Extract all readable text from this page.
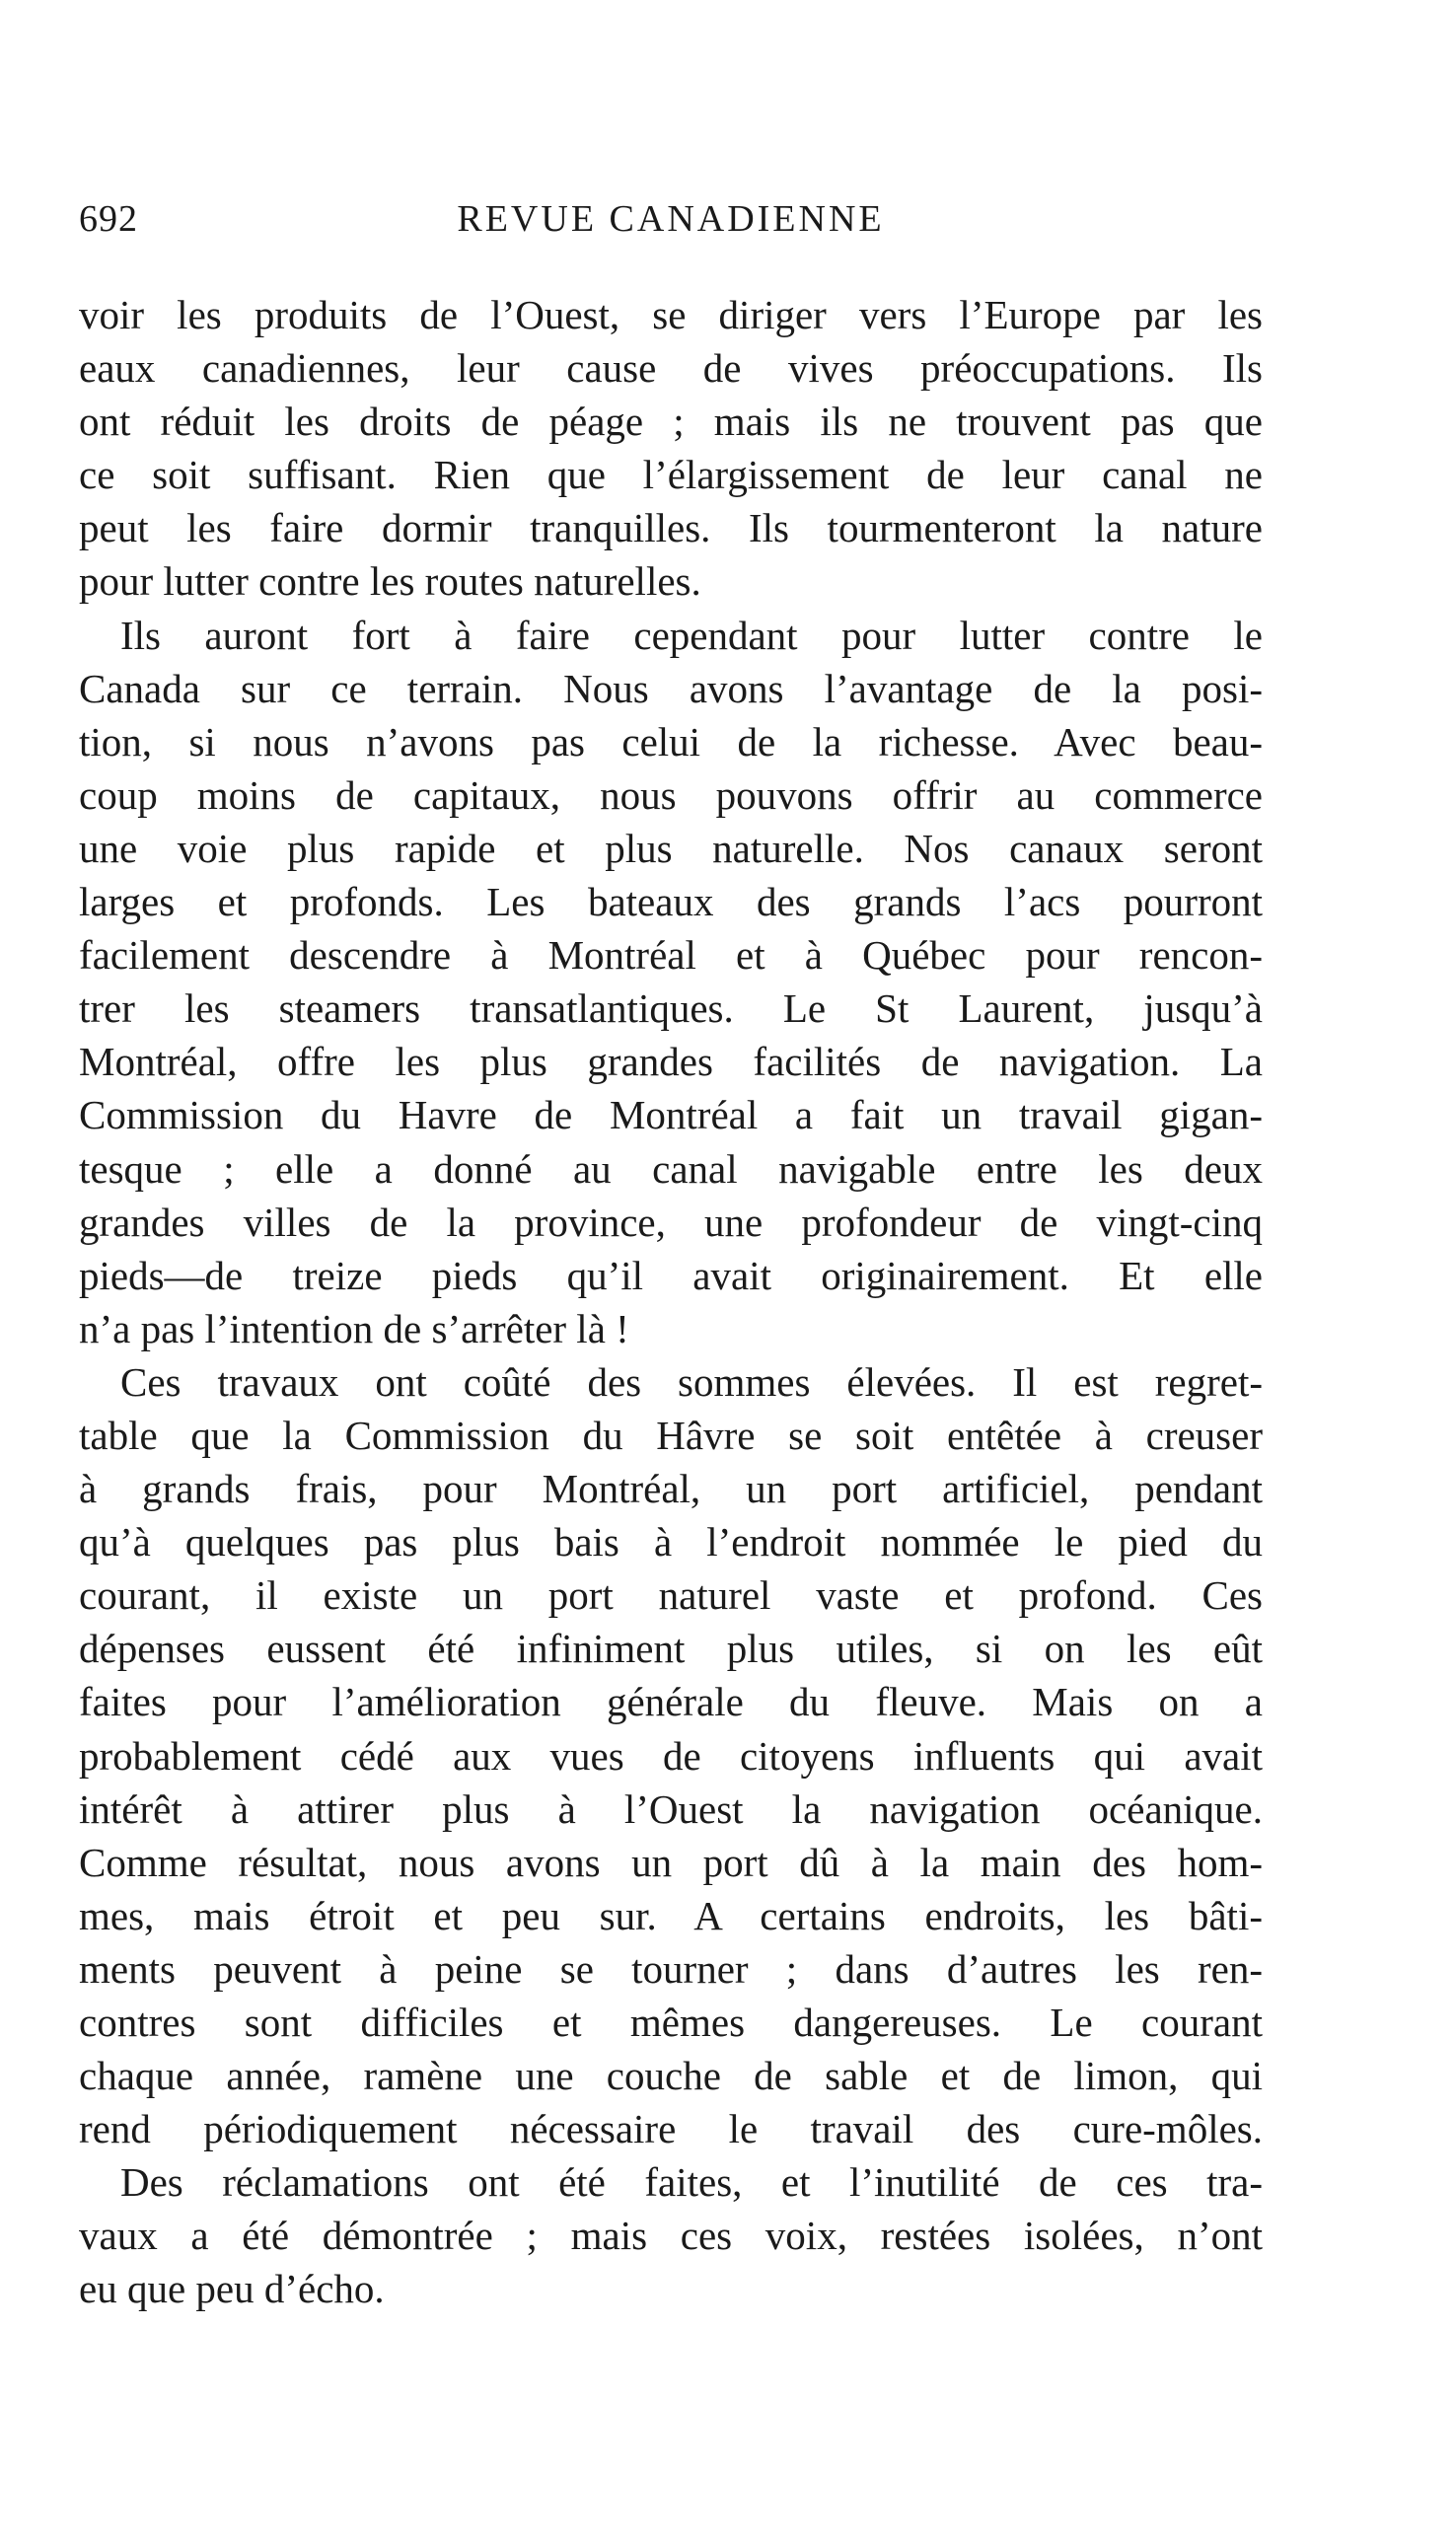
692	REVUE CANADIENNE
voir les produits de l’Ouest, se diriger vers l’Europe par les
eaux canadiennes, leur cause de vives préoccupations. Ils
ont réduit les droits de péage ; mais ils ne trouvent pas que
ce soit suffisant. Rien que l’élargissement de leur canal ne
peut les faire dormir tranquilles. Ils tourmenteront la nature
pour lutter contre les routes naturelles.
Ils auront fort à faire cependant pour lutter contre le
Canada sur ce terrain. Nous avons l’avantage de la posi-
tion, si nous n’avons pas celui de la richesse. Avec beau-
coup moins de capitaux, nous pouvons offrir au commerce
une voie plus rapide et plus naturelle. Nos canaux seront
larges et profonds. Les bateaux des grands l’acs pourront
facilement descendre à Montréal et à Québec pour rencon-
trer les steamers transatlantiques. Le St Laurent, jusqu’à
Montréal, offre les plus grandes facilités de navigation. La
Commission du Havre de Montréal a fait un travail gigan-
tesque ; elle a donné au canal navigable entre les deux
grandes villes de la province, une profondeur de vingt-cinq
pieds—de treize pieds qu’il avait originairement. Et elle
n’a pas l’intention de s’arrêter là !
Ces travaux ont coûté des sommes élevées. Il est regret-
table que la Commission du Hâvre se soit entêtée à creuser
à grands frais, pour Montréal, un port artificiel, pendant
qu’à quelques pas plus bais à l’endroit nommée le pied du
courant, il existe un port naturel vaste et profond. Ces
dépenses eussent été infiniment plus utiles, si on les eût
faites pour l’amélioration générale du fleuve. Mais on a
probablement cédé aux vues de citoyens influents qui avait
intérêt à attirer plus à l’Ouest la navigation océanique.
Comme résultat, nous avons un port dû à la main des hom-
mes, mais étroit et peu sur. A certains endroits, les bâti-
ments peuvent à peine se tourner ; dans d’autres les ren-
contres sont difficiles et mêmes dangereuses. Le courant
chaque année, ramène une couche de sable et de limon, qui
rend périodiquement nécessaire le travail des cure-môles.
Des réclamations ont été faites, et l’inutilité de ces tra-
vaux a été démontrée ; mais ces voix, restées isolées, n’ont
eu que peu d’écho.
